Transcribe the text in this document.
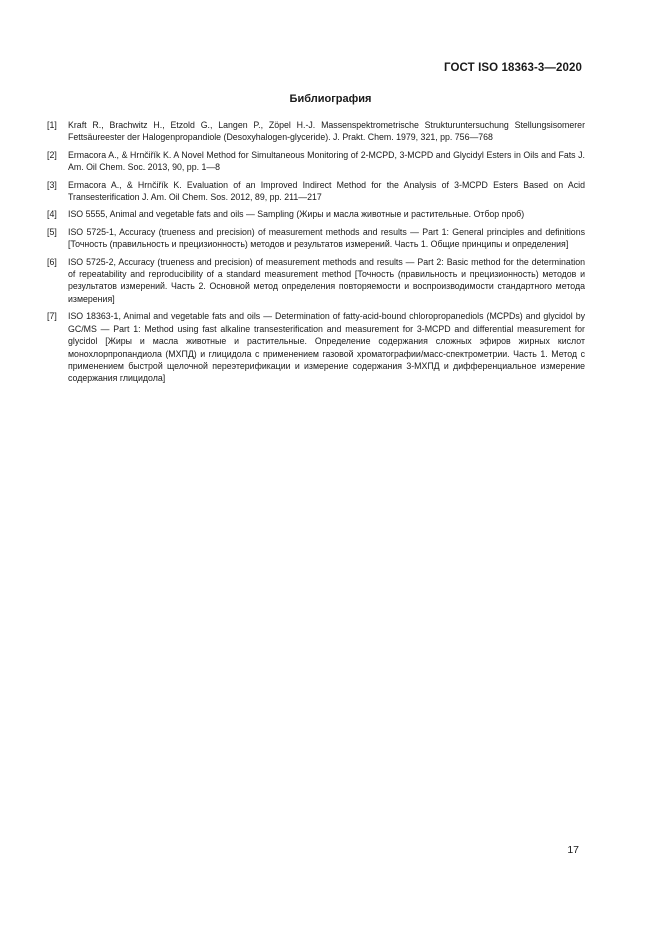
ГОСТ ISO 18363-3—2020

Библиография
[1]	Kraft R., Brachwitz H., Etzold G., Langen P., Zöpel H.-J. Massenspektrometrische Strukturuntersuchung Stellungsisomerer Fettsäureester der Halogenpropandiole (Desoxyhalogen-glyceride). J. Prakt. Chem. 1979, 321, pp. 756—768
[2]	Ermacora A., & Hrnčiřík K. A Novel Method for Simultaneous Monitoring of 2-MCPD, 3-MCPD and Glycidyl Esters in Oils and Fats J. Am. Oil Chem. Soc. 2013, 90, pp. 1—8
[3]	Ermacora A., & Hrnčiřík K. Evaluation of an Improved Indirect Method for the Analysis of 3-MCPD Esters Based on Acid Transesterification J. Am. Oil Chem. Sos. 2012, 89, pp. 211—217
[4]	ISO 5555, Animal and vegetable fats and oils — Sampling (Жиры и масла животные и растительные. Отбор проб)
[5]	ISO 5725-1, Accuracy (trueness and precision) of measurement methods and results — Part 1: General principles and definitions [Точность (правильность и прецизионность) методов и результатов измерений. Часть 1. Общие принципы и определения]
[6]	ISO 5725-2, Accuracy (trueness and precision) of measurement methods and results — Part 2: Basic method for the determination of repeatability and reproducibility of a standard measurement method [Точность (правильность и прецизионность) методов и результатов измерений. Часть 2. Основной метод определения повторяемости и воспроизводимости стандартного метода измерения]
[7]	ISO 18363-1, Animal and vegetable fats and oils — Determination of fatty-acid-bound chloropropanediols (MCPDs) and glycidol by GC/MS — Part 1: Method using fast alkaline transesterification and measurement for 3-MCPD and differential measurement for glycidol [Жиры и масла животные и растительные. Определение содержания сложных эфиров жирных кислот монохлорпропандиола (МХПД) и глицидола с применением газовой хроматографии/масс-спектрометрии. Часть 1. Метод с применением быстрой щелочной переэтерификации и измерение содержания 3-МХПД и дифференциальное измерение содержания глицидола]

17
